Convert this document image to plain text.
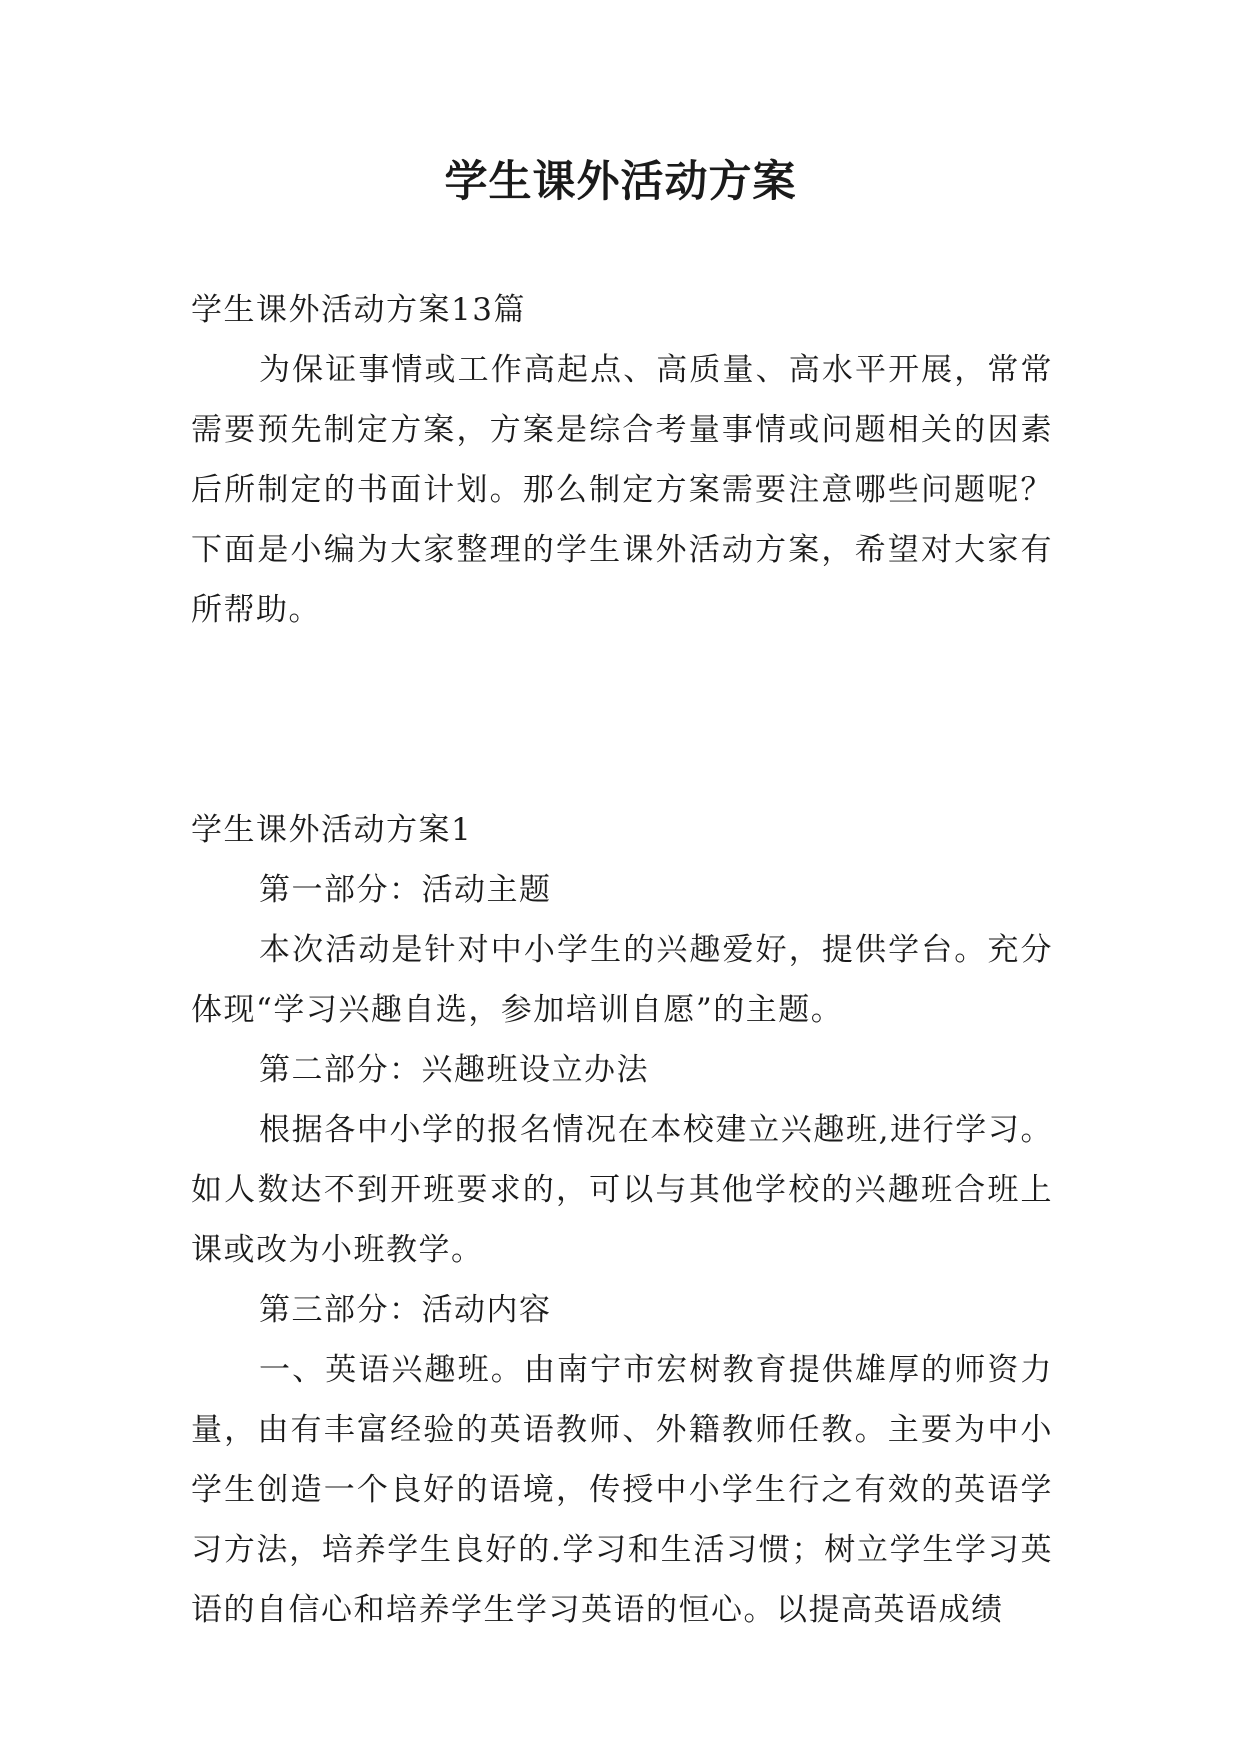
学生课外活动方案

学生课外活动方案13篇

为保证事情或工作高起点、高质量、高水平开展，常常需要预先制定方案，方案是综合考量事情或问题相关的因素后所制定的书面计划。那么制定方案需要注意哪些问题呢？下面是小编为大家整理的学生课外活动方案，希望对大家有所帮助。

学生课外活动方案1

第一部分：活动主题

本次活动是针对中小学生的兴趣爱好，提供学台。充分体现“学习兴趣自选，参加培训自愿”的主题。

第二部分：兴趣班设立办法

根据各中小学的报名情况在本校建立兴趣班,进行学习。如人数达不到开班要求的，可以与其他学校的兴趣班合班上课或改为小班教学。

第三部分：活动内容

一、英语兴趣班。由南宁市宏树教育提供雄厚的师资力量，由有丰富经验的英语教师、外籍教师任教。主要为中小学生创造一个良好的语境，传授中小学生行之有效的英语学习方法，培养学生良好的.学习和生活习惯；树立学生学习英语的自信心和培养学生学习英语的恒心。以提高英语成绩
